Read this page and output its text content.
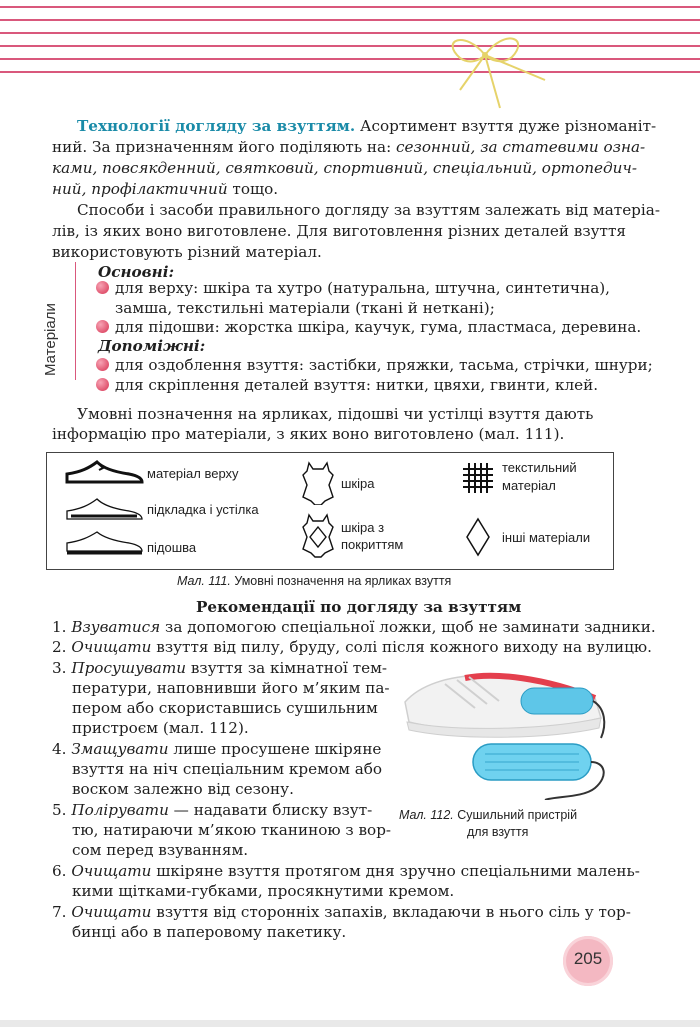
Технології догляду за взуттям. Асортимент взуття дуже різноманіт-
ний. За призначенням його поділяють на: сезонний, за статевими озна-
ками, повсякденний, святковий, спортивний, спеціальний, ортопедич-
ний, профілактичний тощо.
Способи і засоби правильного догляду за взуттям залежать від матеріа-
лів, із яких воно виготовлене. Для виготовлення різних деталей взуття
використовують різний матеріал.
Матеріали
Основні:
для верху: шкіра та хутро (натуральна, штучна, синтетична),
замша, текстильні матеріали (ткані й нетканi);
для підошви: жорстка шкіра, каучук, гума, пластмаса, деревина.
Допоміжні:
для оздоблення взуття: застібки, пряжки, тасьма, стрічки, шнури;
для скріплення деталей взуття: нитки, цвяхи, гвинти, клей.
Умовні позначення на ярликах, підошві чи устілці взуття дають
інформацію про матеріали, з яких воно виготовлено (мал. 111).
матеріал верху
підкладка і устілка
підошва
шкіра
шкіра з
покриттям
текстильний
матеріал
інші матеріали
Мал. 111. Умовні позначення на ярликах взуття
Рекомендації по догляду за взуттям
1. Взуватися за допомогою спеціальної ложки, щоб не заминати задники.
2. Очищати взуття від пилу, бруду, солі після кожного виходу на вулицю.
3. Просушувати взуття за кімнатної тем-
ператури, наповнивши його м’яким па-
пером або скориставшись сушильним
пристроєм (мал. 112).
4. Змащувати лише просушене шкіряне
взуття на ніч спеціальним кремом або
воском залежно від сезону.
5. Полірувати — надавати блиску взут-
тю, натираючи м’якою тканиною з вор-
сом перед взуванням.
6. Очищати шкіряне взуття протягом дня зручно спеціальними малень-
кими щітками-губками, просякнутими кремом.
7. Очищати взуття від сторонніх запахів, вкладаючи в нього сіль у тор-
бинці або в паперовому пакетику.
Мал. 112. Сушильний пристрій
для взуття
205
